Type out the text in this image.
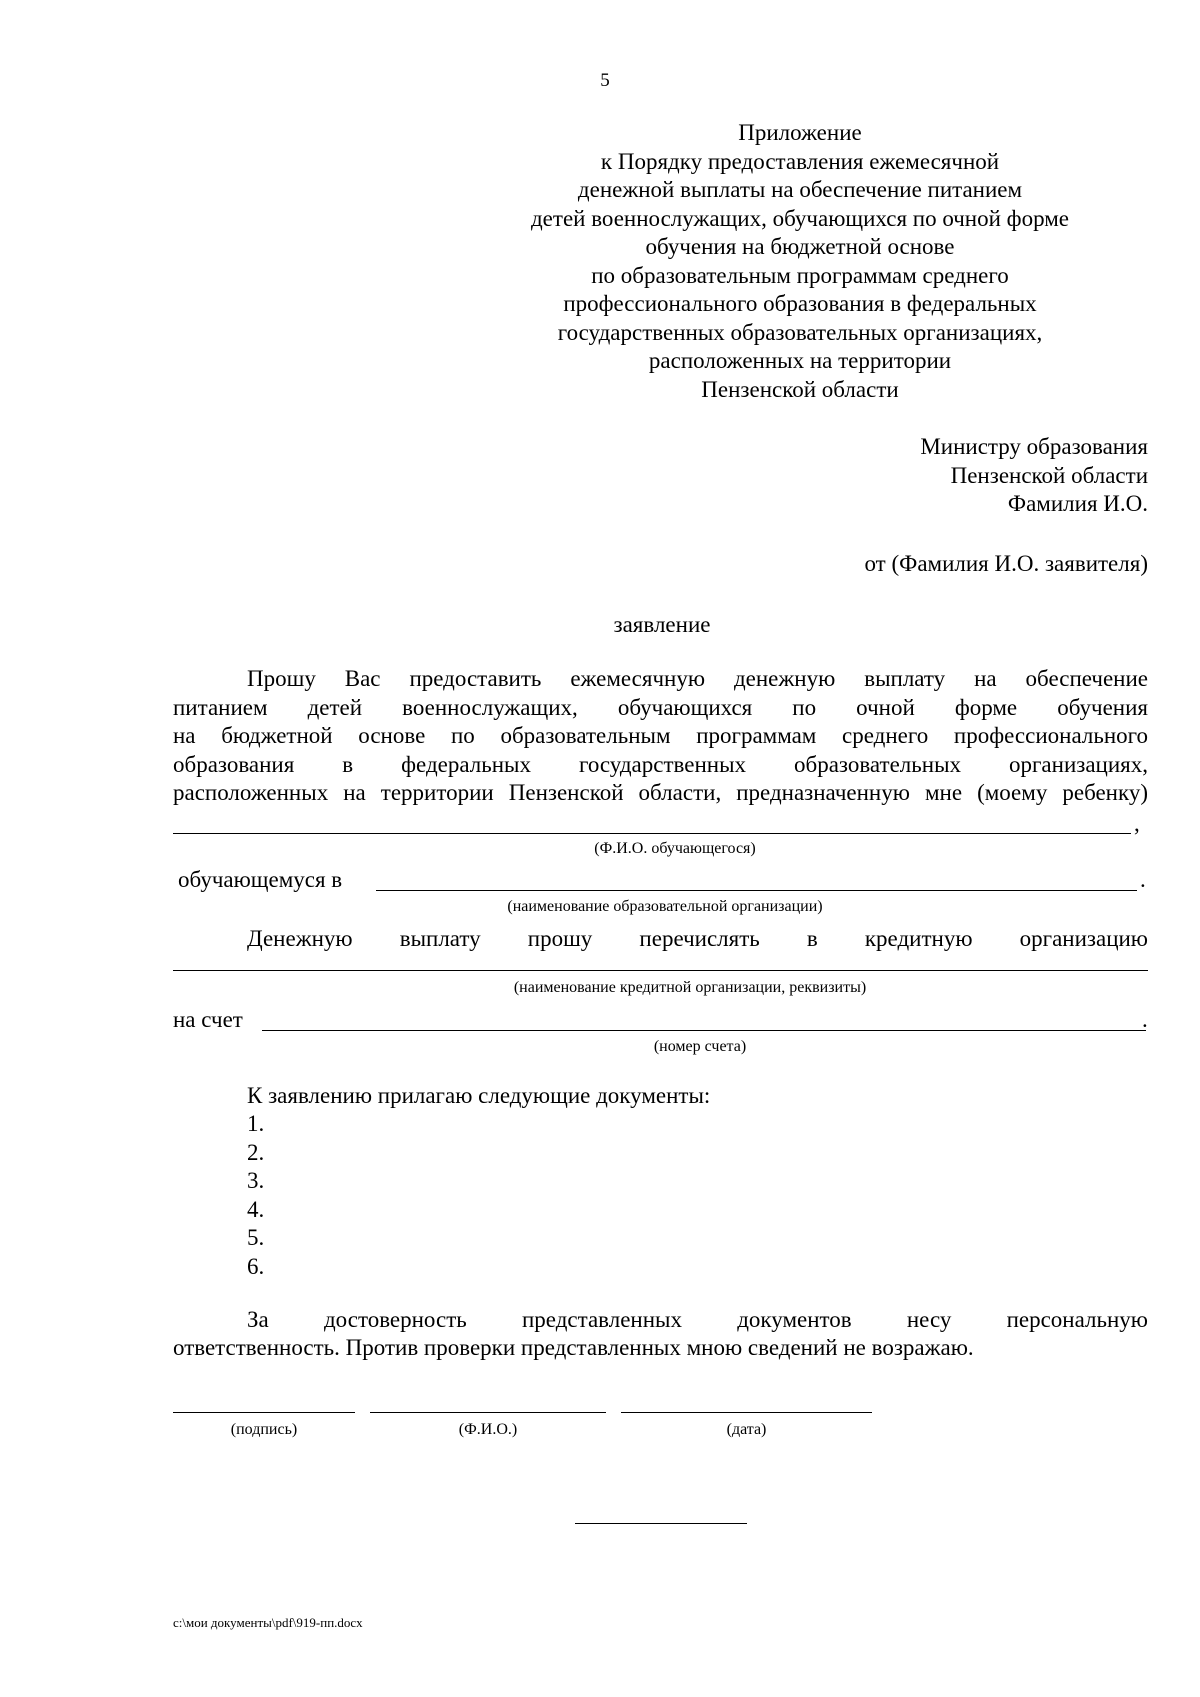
5
Приложение
к Порядку предоставления ежемесячной
денежной выплаты на обеспечение питанием
детей военнослужащих, обучающихся по очной форме
обучения на бюджетной основе
по образовательным программам среднего
профессионального образования в федеральных
государственных образовательных организациях,
расположенных на территории
Пензенской области
Министру образования
Пензенской области
Фамилия И.О.
от (Фамилия И.О. заявителя)
заявление
Прошу Вас предоставить ежемесячную денежную выплату на обеспечение
питанием детей военнослужащих, обучающихся по очной форме обучения
на бюджетной основе по образовательным программам среднего профессионального
образования в федеральных государственных образовательных организациях,
расположенных на территории Пензенской области, предназначенную мне (моему ребенку)
,
(Ф.И.О. обучающегося)
обучающемуся в	.
(наименование образовательной организации)
Денежную выплату прошу перечислять в кредитную организацию
(наименование кредитной организации, реквизиты)
на счет	.
(номер счета)
К заявлению прилагаю следующие документы:
1.
2.
3.
4.
5.
6.
За достоверность представленных документов несу персональную
ответственность. Против проверки представленных мною сведений не возражаю.
(подпись)	(Ф.И.О.)	(дата)
c:\мои документы\pdf\919-пп.docx
